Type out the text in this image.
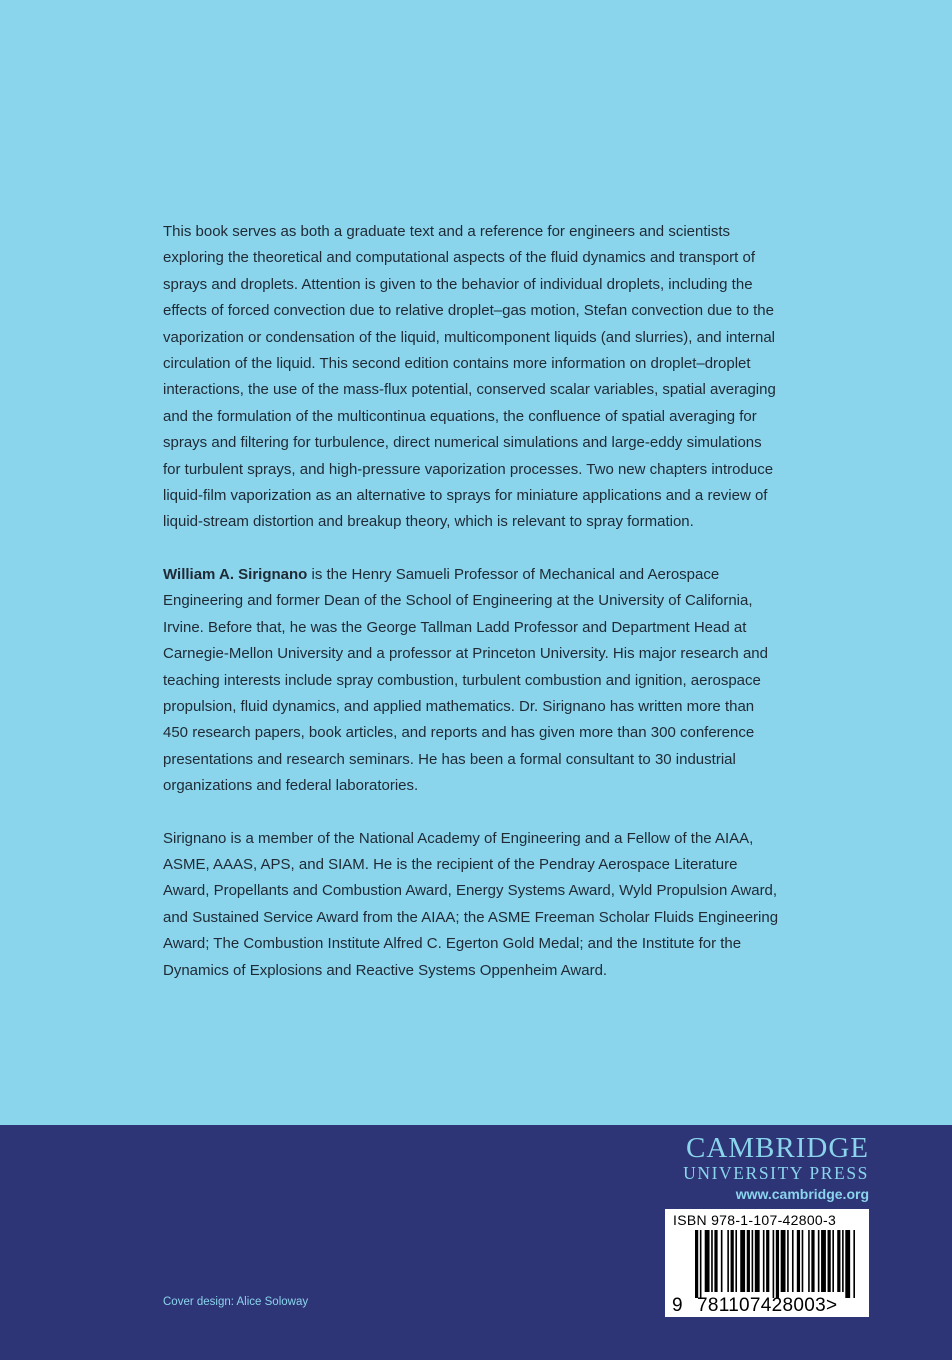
This book serves as both a graduate text and a reference for engineers and scientists exploring the theoretical and computational aspects of the fluid dynamics and transport of sprays and droplets. Attention is given to the behavior of individual droplets, including the effects of forced convection due to relative droplet–gas motion, Stefan convection due to the vaporization or condensation of the liquid, multicomponent liquids (and slurries), and internal circulation of the liquid. This second edition contains more information on droplet–droplet interactions, the use of the mass-flux potential, conserved scalar variables, spatial averaging and the formulation of the multicontinua equations, the confluence of spatial averaging for sprays and filtering for turbulence, direct numerical simulations and large-eddy simulations for turbulent sprays, and high-pressure vaporization processes. Two new chapters introduce liquid-film vaporization as an alternative to sprays for miniature applications and a review of liquid-stream distortion and breakup theory, which is relevant to spray formation.

William A. Sirignano is the Henry Samueli Professor of Mechanical and Aerospace Engineering and former Dean of the School of Engineering at the University of California, Irvine. Before that, he was the George Tallman Ladd Professor and Department Head at Carnegie-Mellon University and a professor at Princeton University. His major research and teaching interests include spray combustion, turbulent combustion and ignition, aerospace propulsion, fluid dynamics, and applied mathematics. Dr. Sirignano has written more than 450 research papers, book articles, and reports and has given more than 300 conference presentations and research seminars. He has been a formal consultant to 30 industrial organizations and federal laboratories.

Sirignano is a member of the National Academy of Engineering and a Fellow of the AIAA, ASME, AAAS, APS, and SIAM. He is the recipient of the Pendray Aerospace Literature Award, Propellants and Combustion Award, Energy Systems Award, Wyld Propulsion Award, and Sustained Service Award from the AIAA; the ASME Freeman Scholar Fluids Engineering Award; The Combustion Institute Alfred C. Egerton Gold Medal; and the Institute for the Dynamics of Explosions and Reactive Systems Oppenheim Award.

CAMBRIDGE
UNIVERSITY PRESS
www.cambridge.org
ISBN 978-1-107-42800-3
9 781107428003>
Cover design: Alice Soloway
